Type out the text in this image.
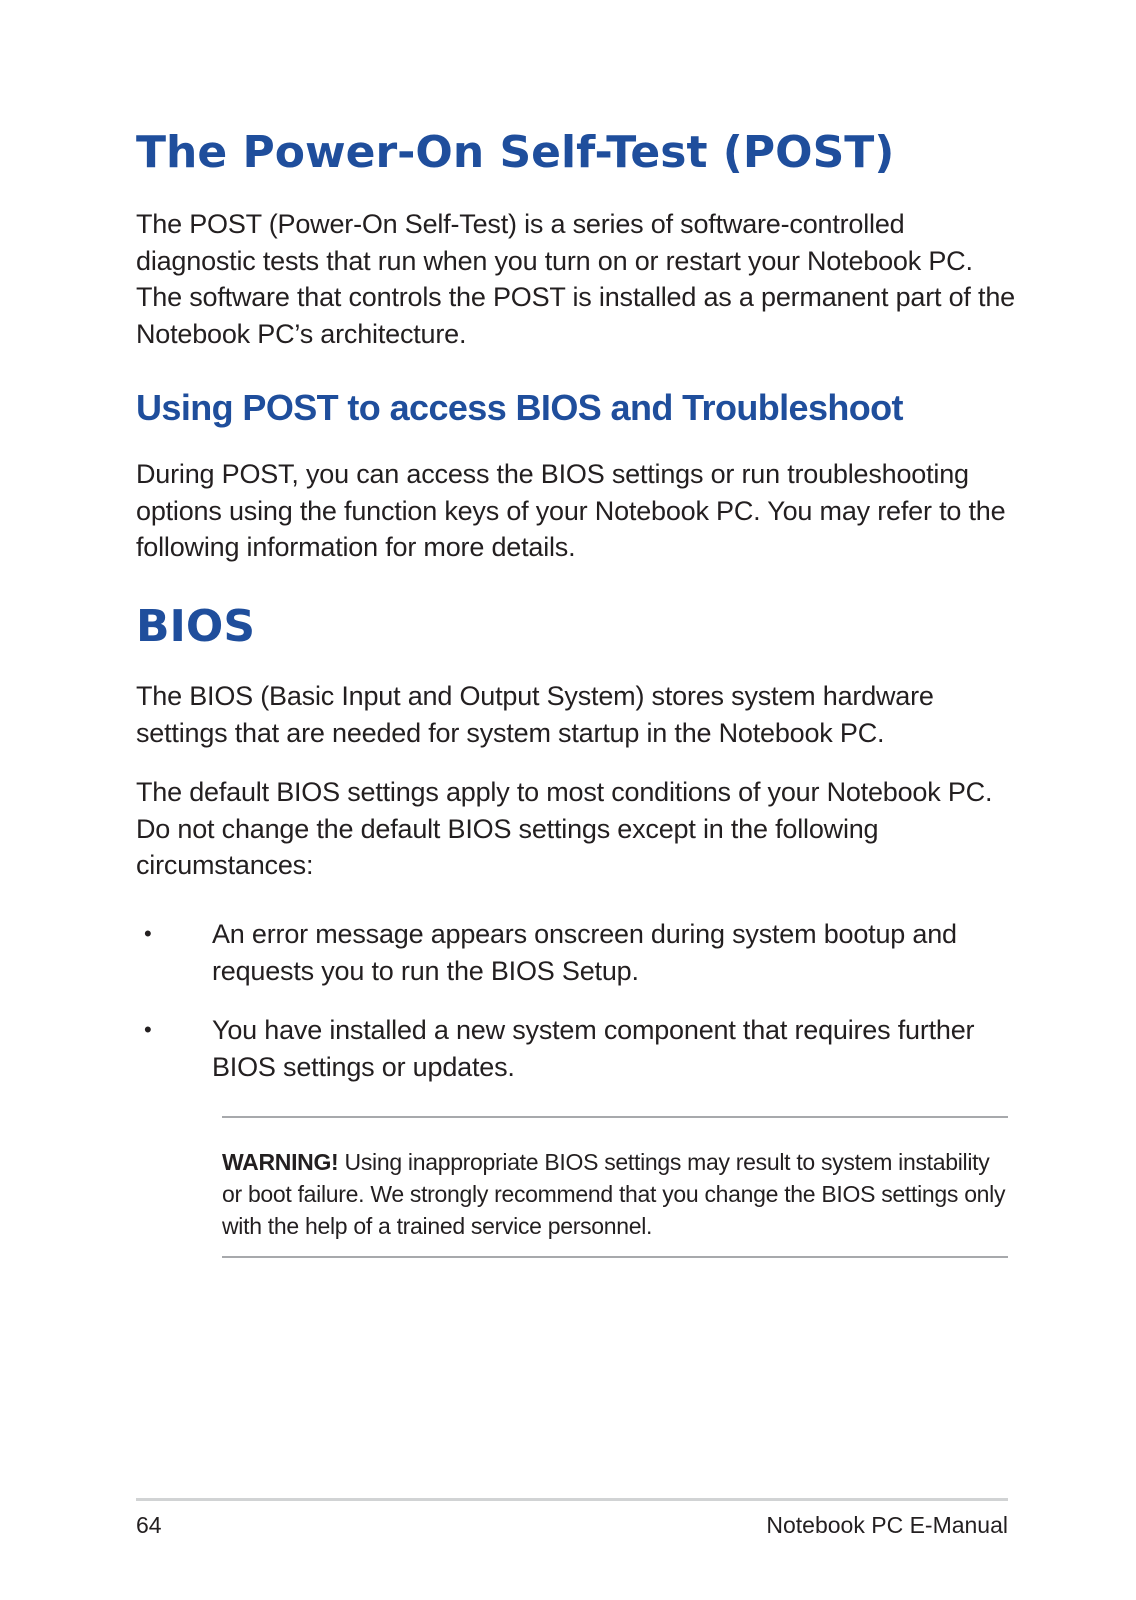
The Power-On Self-Test (POST)

The POST (Power-On Self-Test) is a series of software-controlled diagnostic tests that run when you turn on or restart your Notebook PC. The software that controls the POST is installed as a permanent part of the Notebook PC’s architecture.

Using POST to access BIOS and Troubleshoot

During POST, you can access the BIOS settings or run troubleshooting options using the function keys of your Notebook PC. You may refer to the following information for more details.

BIOS

The BIOS (Basic Input and Output System) stores system hardware settings that are needed for system startup in the Notebook PC.

The default BIOS settings apply to most conditions of your Notebook PC. Do not change the default BIOS settings except in the following circumstances:

• An error message appears onscreen during system bootup and requests you to run the BIOS Setup.

• You have installed a new system component that requires further BIOS settings or updates.

WARNING! Using inappropriate BIOS settings may result to system instability or boot failure. We strongly recommend that you change the BIOS settings only with the help of a trained service personnel.

64	Notebook PC E-Manual
